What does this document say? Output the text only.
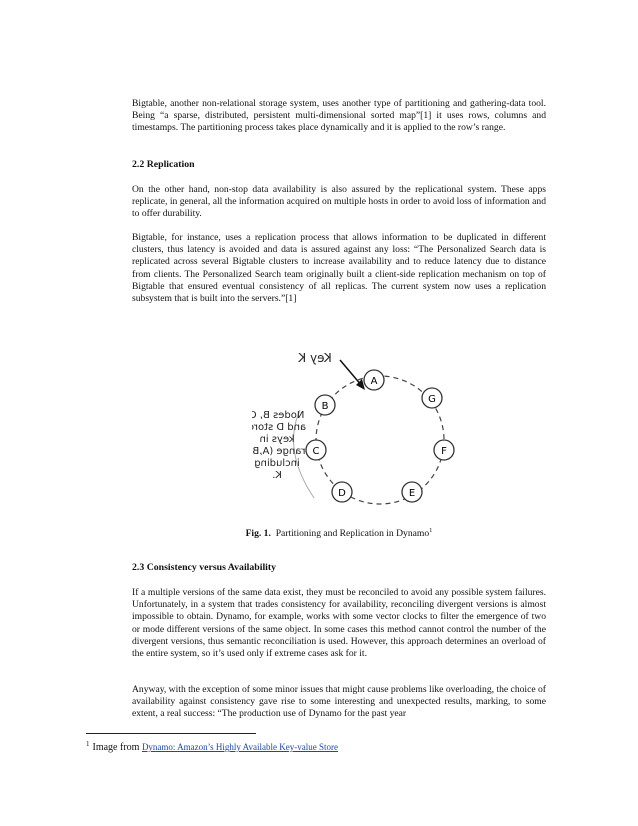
Bigtable, another non-relational storage system, uses another type of partitioning and gathering-data tool. Being “a sparse, distributed, persistent multi-dimensional sorted map”[1] it uses rows, columns and timestamps. The partitioning process takes place dynamically and it is applied to the row’s range.

2.2 Replication

On the other hand, non-stop data availability is also assured by the replicational system. These apps replicate, in general, all the information acquired on multiple hosts in order to avoid loss of information and to offer durability.

Bigtable, for instance, uses a replication process that allows information to be duplicated in different clusters, thus latency is avoided and data is assured against any loss: “The Personalized Search data is replicated across several Bigtable clusters to increase availability and to reduce latency due to distance from clients. The Personalized Search team originally built a client-side replication mechanism on top of Bigtable that ensured eventual consistency of all replicas. The current system now uses a replication subsystem that is built into the servers.”[1]

A
B
C
D	E
F
G
Key K
Nodes B, C
and D store
keys in
range (A,B)
including
K.
Fig. 1.  Partitioning and Replication in Dynamo$^1$
2.3 Consistency versus Availability

If a multiple versions of the same data exist, they must be reconciled to avoid any possible system failures. Unfortunately, in a system that trades consistency for availability, reconciling divergent versions is almost impossible to obtain. Dynamo, for example, works with some vector clocks to filter the emergence of two or mode different versions of the same object. In some cases this method cannot control the number of the divergent versions, thus semantic reconciliation is used. However, this approach determines an overload of the entire system, so it’s used only if extreme cases ask for it.

Anyway, with the exception of some minor issues that might cause problems like overloading, the choice of availability against consistency gave rise to some interesting and unexpected results, marking, to some extent, a real success: “The production use of Dynamo for the past year

$^1$ Image from Dynamo: Amazon’s Highly Available Key-value Store
